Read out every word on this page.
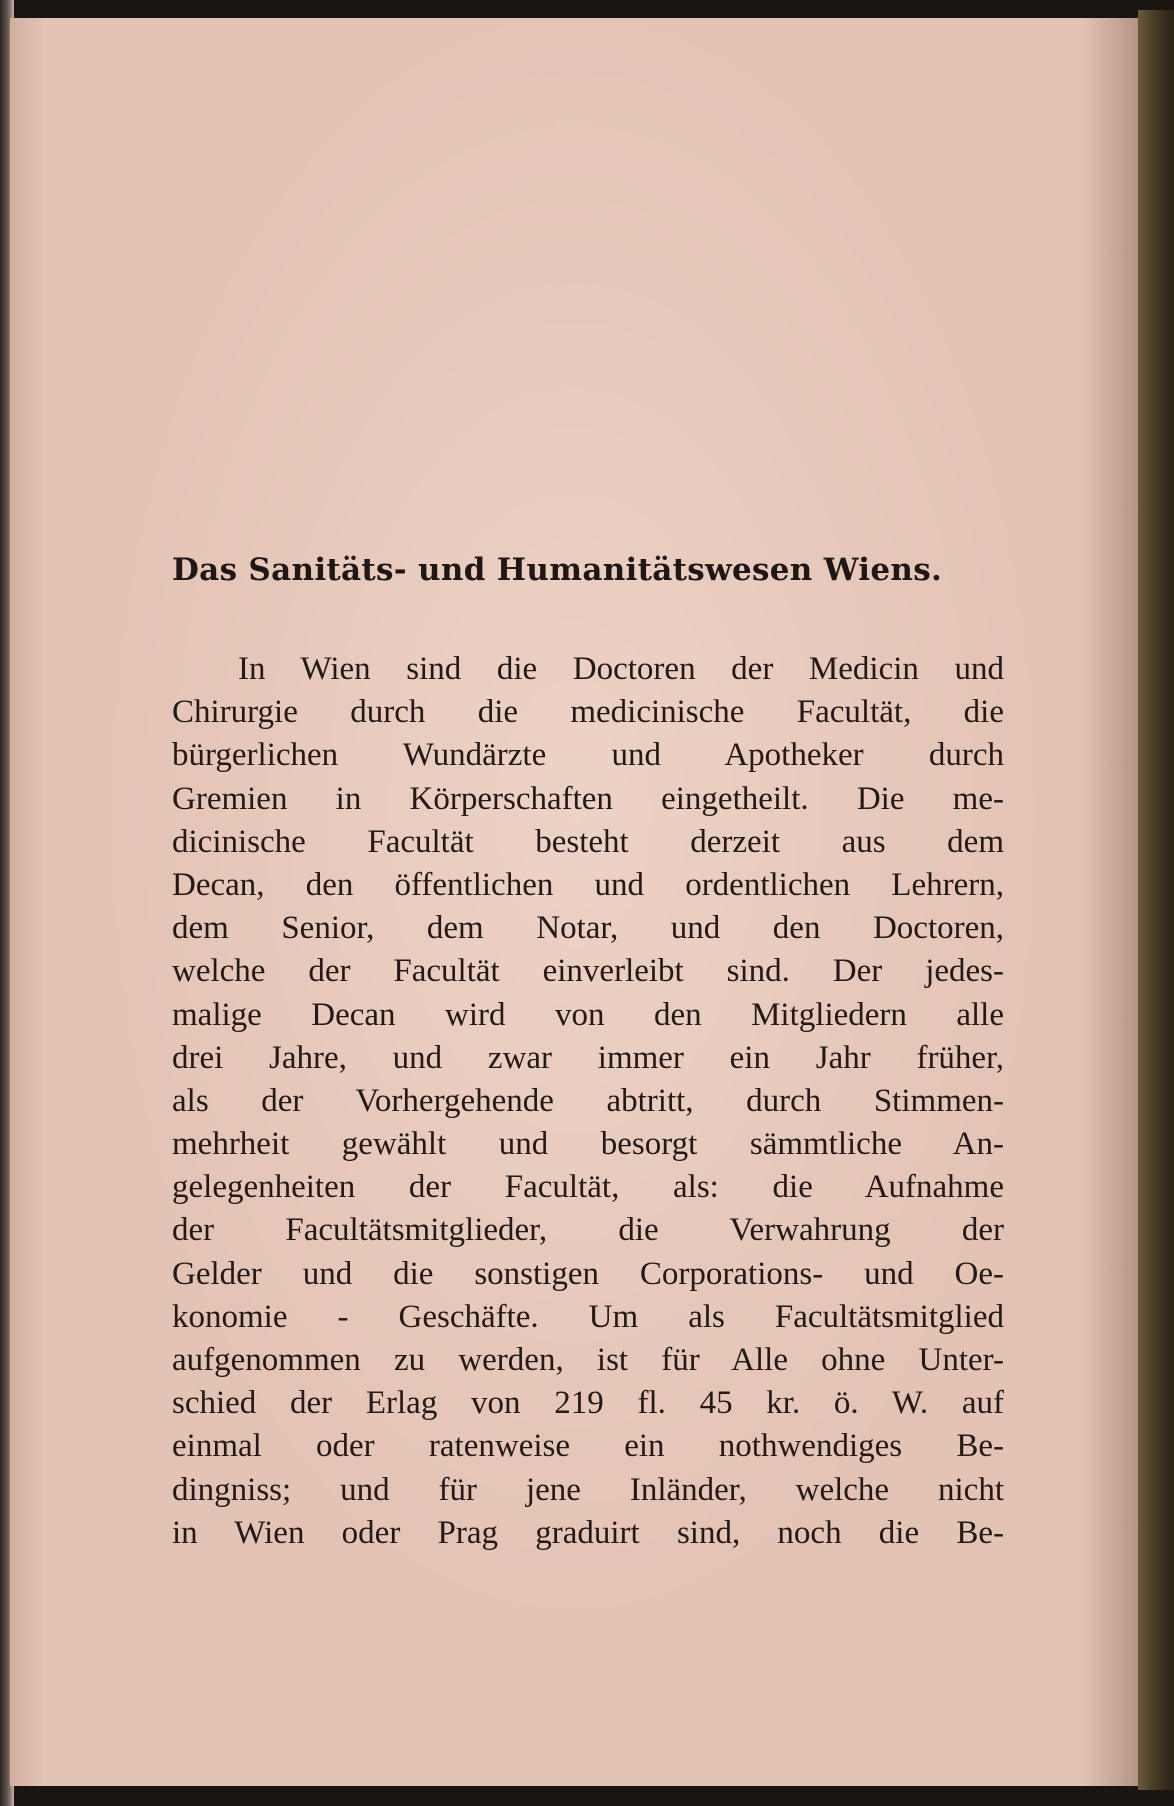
Das Sanitäts- und Humanitätswesen Wiens.
In Wien sind die Doctoren der Medicin und
Chirurgie durch die medicinische Facultät, die
bürgerlichen Wundärzte und Apotheker durch
Gremien in Körperschaften eingetheilt. Die me-
dicinische Facultät besteht derzeit aus dem
Decan, den öffentlichen und ordentlichen Lehrern,
dem Senior, dem Notar, und den Doctoren,
welche der Facultät einverleibt sind. Der jedes-
malige Decan wird von den Mitgliedern alle
drei Jahre, und zwar immer ein Jahr früher,
als der Vorhergehende abtritt, durch Stimmen-
mehrheit gewählt und besorgt sämmtliche An-
gelegenheiten der Facultät, als: die Aufnahme
der Facultätsmitglieder, die Verwahrung der
Gelder und die sonstigen Corporations- und Oe-
konomie - Geschäfte. Um als Facultätsmitglied
aufgenommen zu werden, ist für Alle ohne Unter-
schied der Erlag von 219 fl. 45 kr. ö. W. auf
einmal oder ratenweise ein nothwendiges Be-
dingniss; und für jene Inländer, welche nicht
in Wien oder Prag graduirt sind, noch die Be-
